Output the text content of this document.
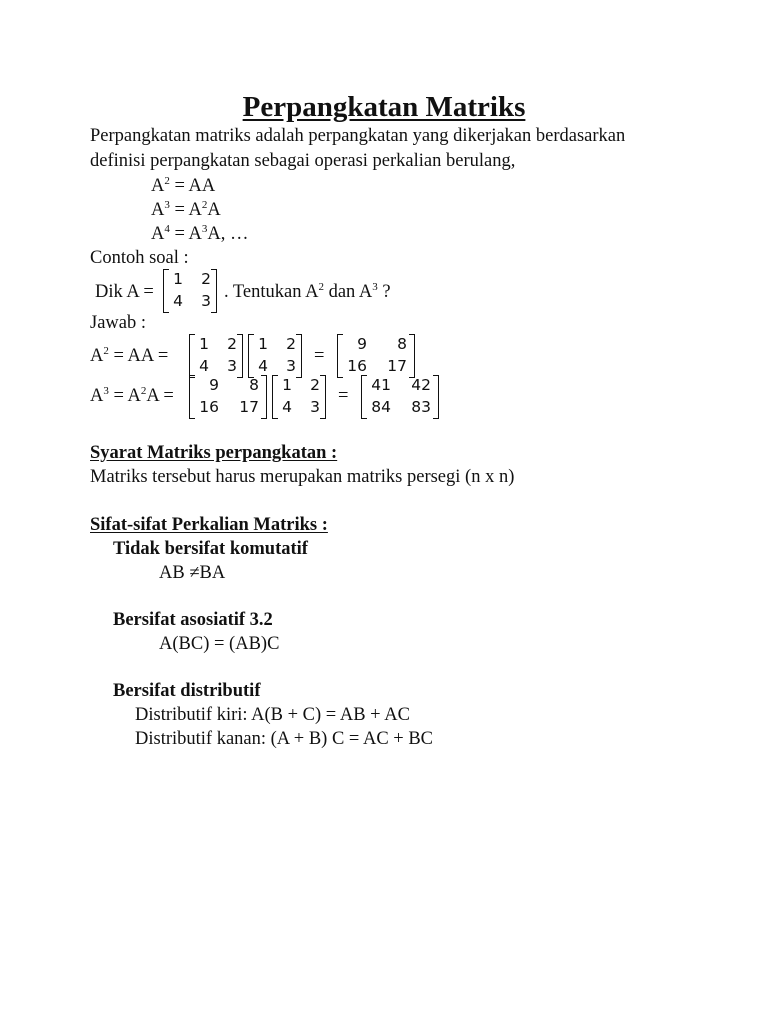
Perpangkatan Matriks
Perpangkatan matriks adalah perpangkatan yang dikerjakan berdasarkan
definisi perpangkatan sebagai operasi perkalian berulang,
$A^2$ = AA
$A^3 = A^2A$
$A^4 = A^3A$, …
Contoh soal :
Dik A =
1 2
4 3 . Tentukan $A^2$ dan $A^3$ ?
Jawab :
$A^2$ = AA =
1 2
4 3
1 2
4 3 =
9	8
16 17
$A^3 = A^2A$ =
9	8
16 17
1 2
4 3
=
41 42
84 83
Syarat Matriks perpangkatan :
Matriks tersebut harus merupakan matriks persegi (n x n)
Sifat-sifat Perkalian Matriks :
Tidak bersifat komutatif
AB ≠BA
Bersifat asosiatif 3.2
A(BC) = (AB)C
Bersifat distributif
Distributif kiri: A(B + C) = AB + AC
Distributif kanan: (A + B) C = AC + BC
